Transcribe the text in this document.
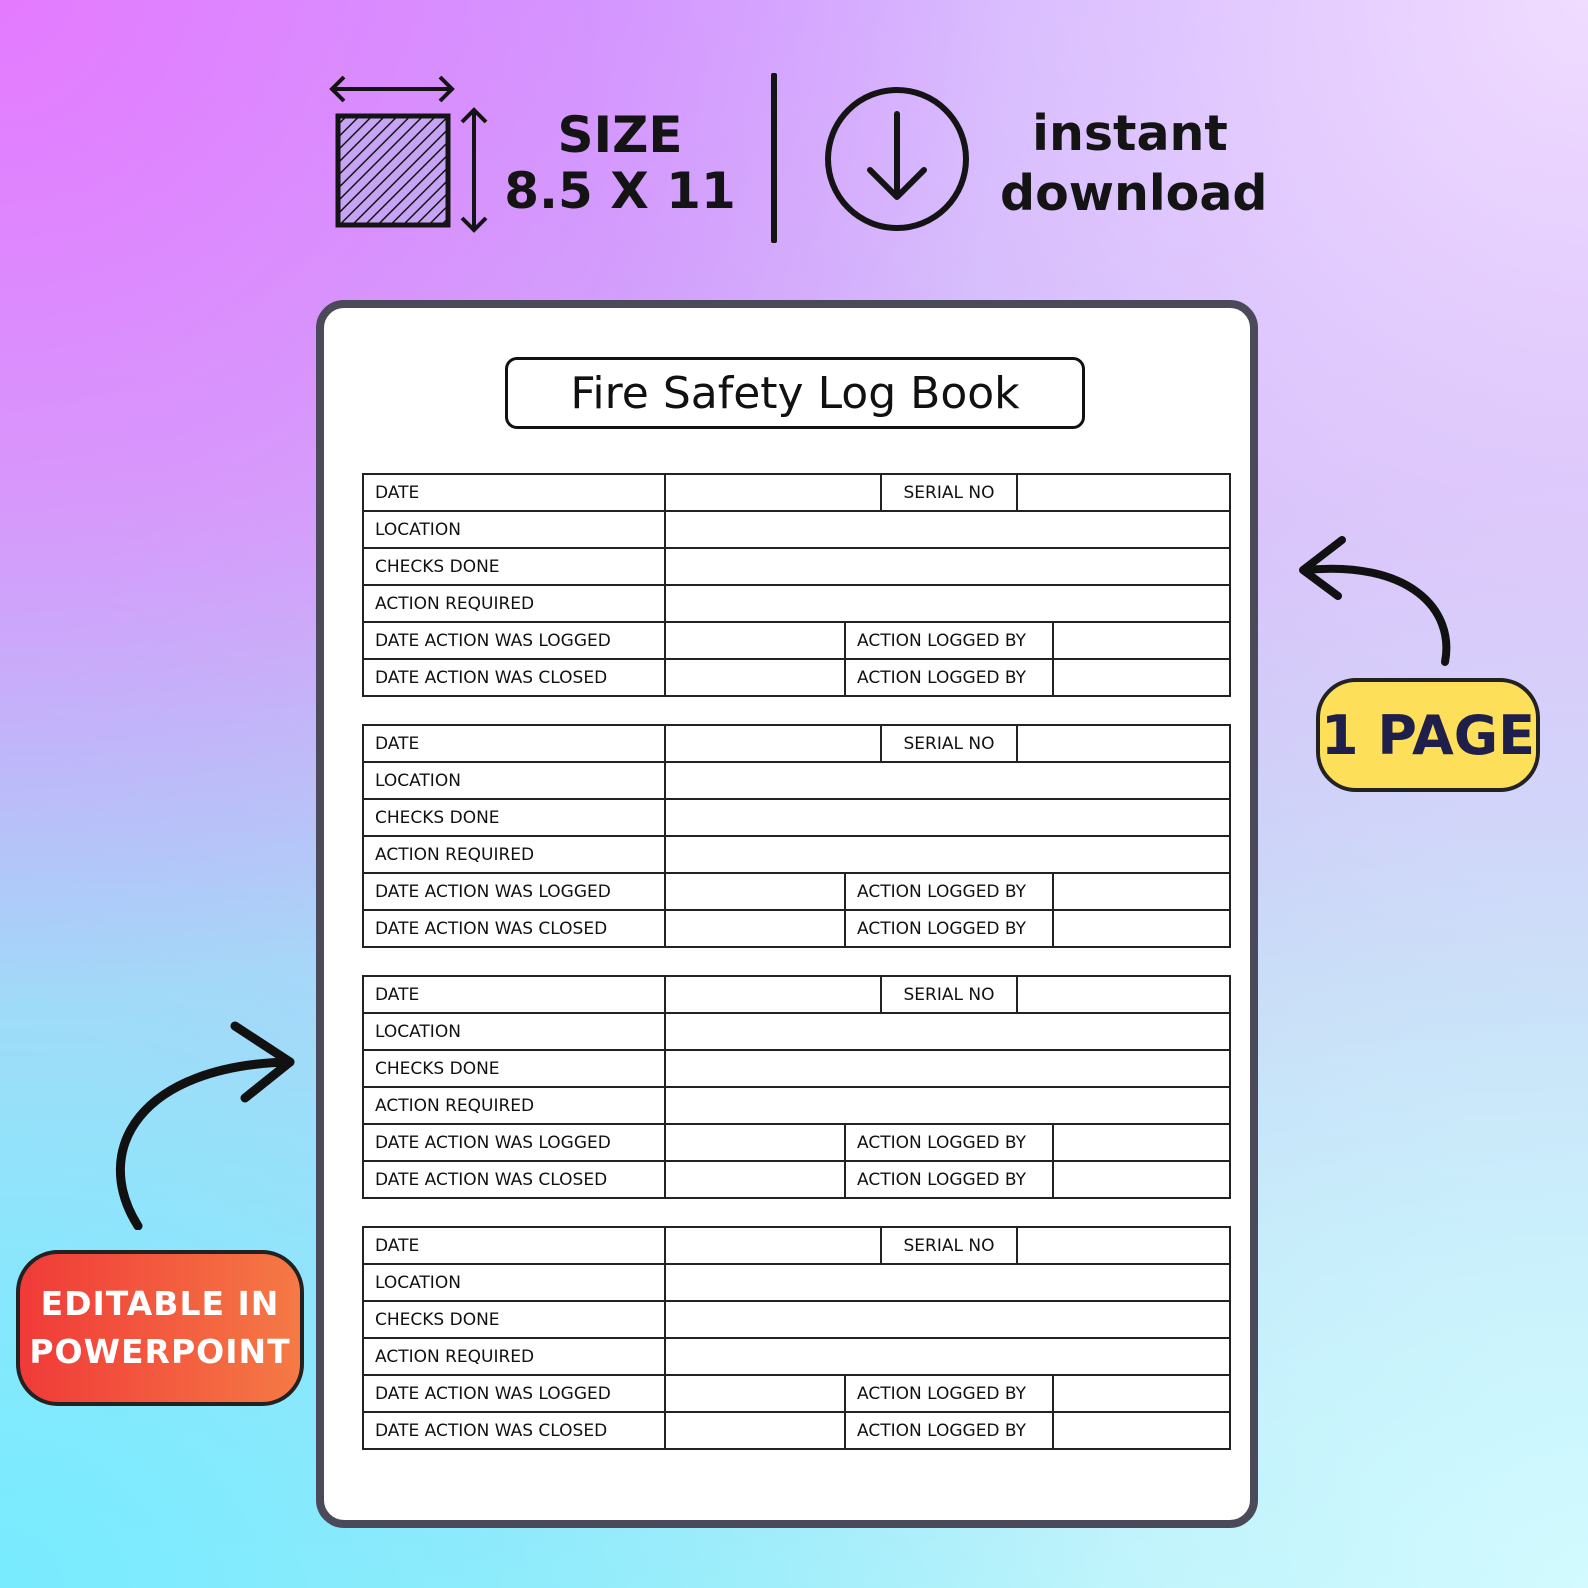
SIZE
8.5 X 11
instant
download
Fire Safety Log Book
DATE			SERIAL NO		
LOCATION					
CHECKS DONE					
ACTION REQUIRED					
DATE ACTION WAS LOGGED		ACTION LOGGED BY			
DATE ACTION WAS CLOSED		ACTION LOGGED BY			
DATE			SERIAL NO		
LOCATION					
CHECKS DONE					
ACTION REQUIRED					
DATE ACTION WAS LOGGED		ACTION LOGGED BY			
DATE ACTION WAS CLOSED		ACTION LOGGED BY			
DATE			SERIAL NO		
LOCATION					
CHECKS DONE					
ACTION REQUIRED					
DATE ACTION WAS LOGGED		ACTION LOGGED BY			
DATE ACTION WAS CLOSED		ACTION LOGGED BY			
DATE			SERIAL NO		
LOCATION					
CHECKS DONE					
ACTION REQUIRED					
DATE ACTION WAS LOGGED		ACTION LOGGED BY			
DATE ACTION WAS CLOSED		ACTION LOGGED BY			
1 PAGE
EDITABLE IN
POWERPOINT
